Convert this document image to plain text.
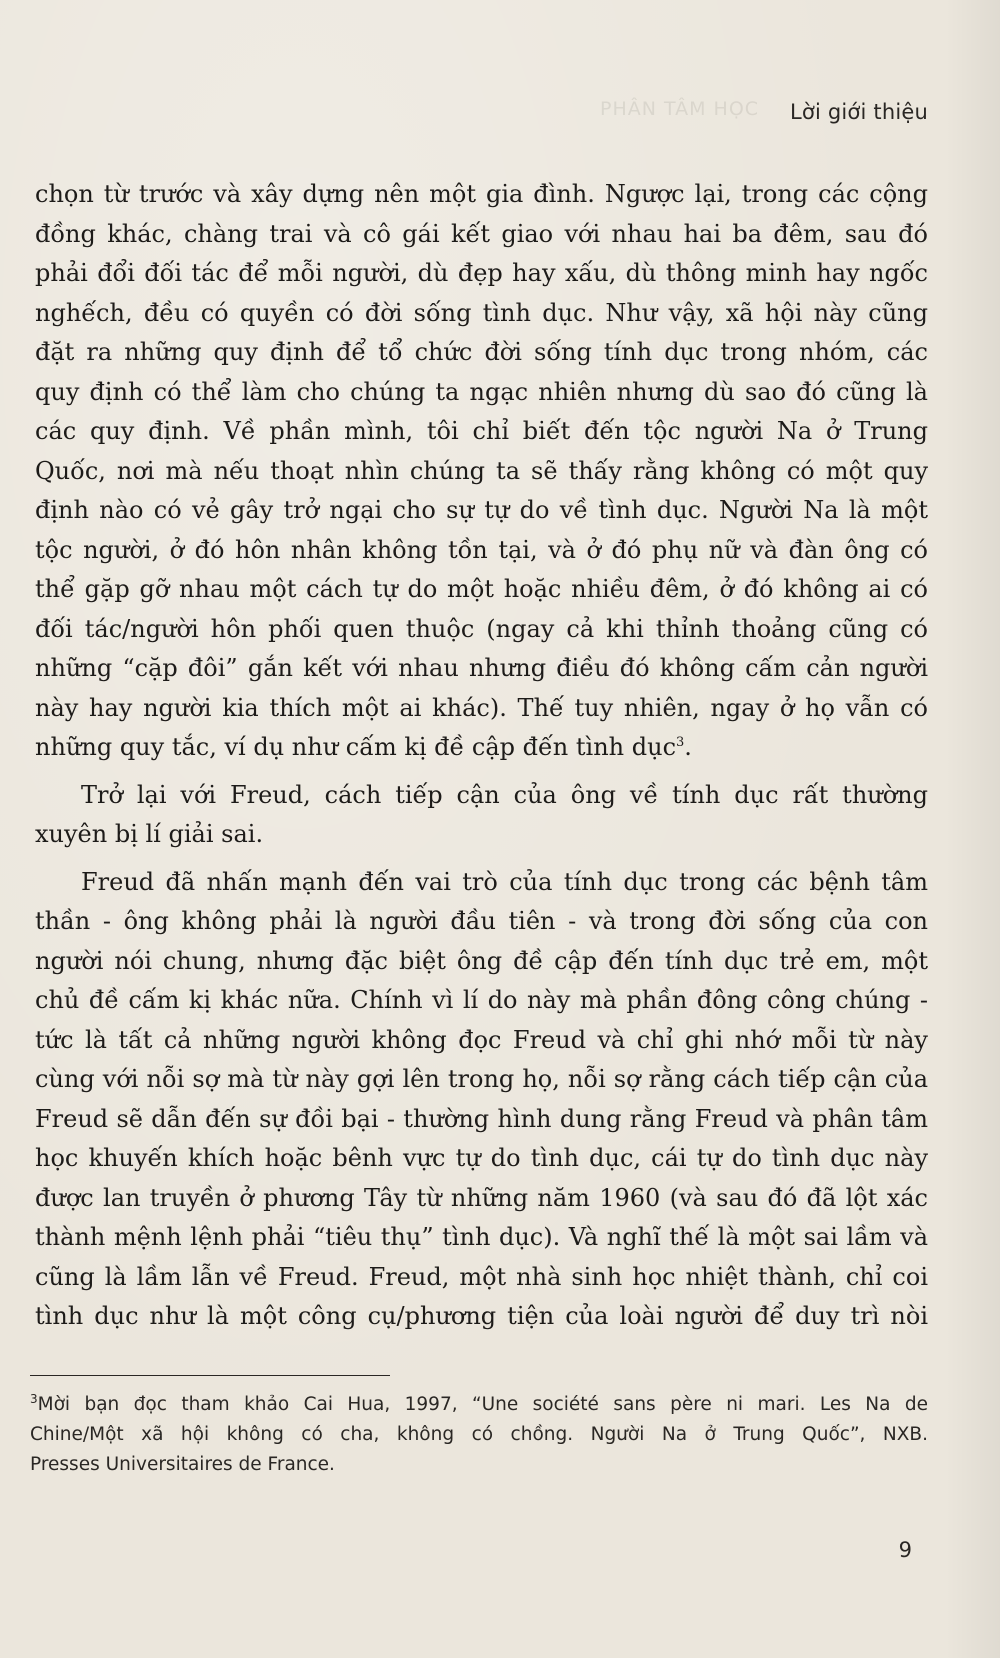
PHÂN TÂM HỌC Lời giới thiệu

chọn từ trước và xây dựng nên một gia đình. Ngược lại, trong các cộng
đồng khác, chàng trai và cô gái kết giao với nhau hai ba đêm, sau đó
phải đổi đối tác để mỗi người, dù đẹp hay xấu, dù thông minh hay ngốc
nghếch, đều có quyền có đời sống tình dục. Như vậy, xã hội này cũng
đặt ra những quy định để tổ chức đời sống tính dục trong nhóm, các
quy định có thể làm cho chúng ta ngạc nhiên nhưng dù sao đó cũng là
các quy định. Về phần mình, tôi chỉ biết đến tộc người Na ở Trung
Quốc, nơi mà nếu thoạt nhìn chúng ta sẽ thấy rằng không có một quy
định nào có vẻ gây trở ngại cho sự tự do về tình dục. Người Na là một
tộc người, ở đó hôn nhân không tồn tại, và ở đó phụ nữ và đàn ông có
thể gặp gỡ nhau một cách tự do một hoặc nhiều đêm, ở đó không ai có
đối tác/người hôn phối quen thuộc (ngay cả khi thỉnh thoảng cũng có
những “cặp đôi” gắn kết với nhau nhưng điều đó không cấm cản người
này hay người kia thích một ai khác). Thế tuy nhiên, ngay ở họ vẫn có
những quy tắc, ví dụ như cấm kị đề cập đến tình dục$^3$.

Trở lại với Freud, cách tiếp cận của ông về tính dục rất thường
xuyên bị lí giải sai.

Freud đã nhấn mạnh đến vai trò của tính dục trong các bệnh tâm
thần - ông không phải là người đầu tiên - và trong đời sống của con
người nói chung, nhưng đặc biệt ông đề cập đến tính dục trẻ em, một
chủ đề cấm kị khác nữa. Chính vì lí do này mà phần đông công chúng -
tức là tất cả những người không đọc Freud và chỉ ghi nhớ mỗi từ này
cùng với nỗi sợ mà từ này gợi lên trong họ, nỗi sợ rằng cách tiếp cận của
Freud sẽ dẫn đến sự đồi bại - thường hình dung rằng Freud và phân tâm
học khuyến khích hoặc bênh vực tự do tình dục, cái tự do tình dục này
được lan truyền ở phương Tây từ những năm 1960 (và sau đó đã lột xác
thành mệnh lệnh phải “tiêu thụ” tình dục). Và nghĩ thế là một sai lầm và
cũng là lầm lẫn về Freud. Freud, một nhà sinh học nhiệt thành, chỉ coi
tình dục như là một công cụ/phương tiện của loài người để duy trì nòi

$^3$Mời bạn đọc tham khảo Cai Hua, 1997, “Une société sans père ni mari. Les Na de
Chine/Một xã hội không có cha, không có chồng. Người Na ở Trung Quốc”, NXB.
Presses Universitaires de France.
9
